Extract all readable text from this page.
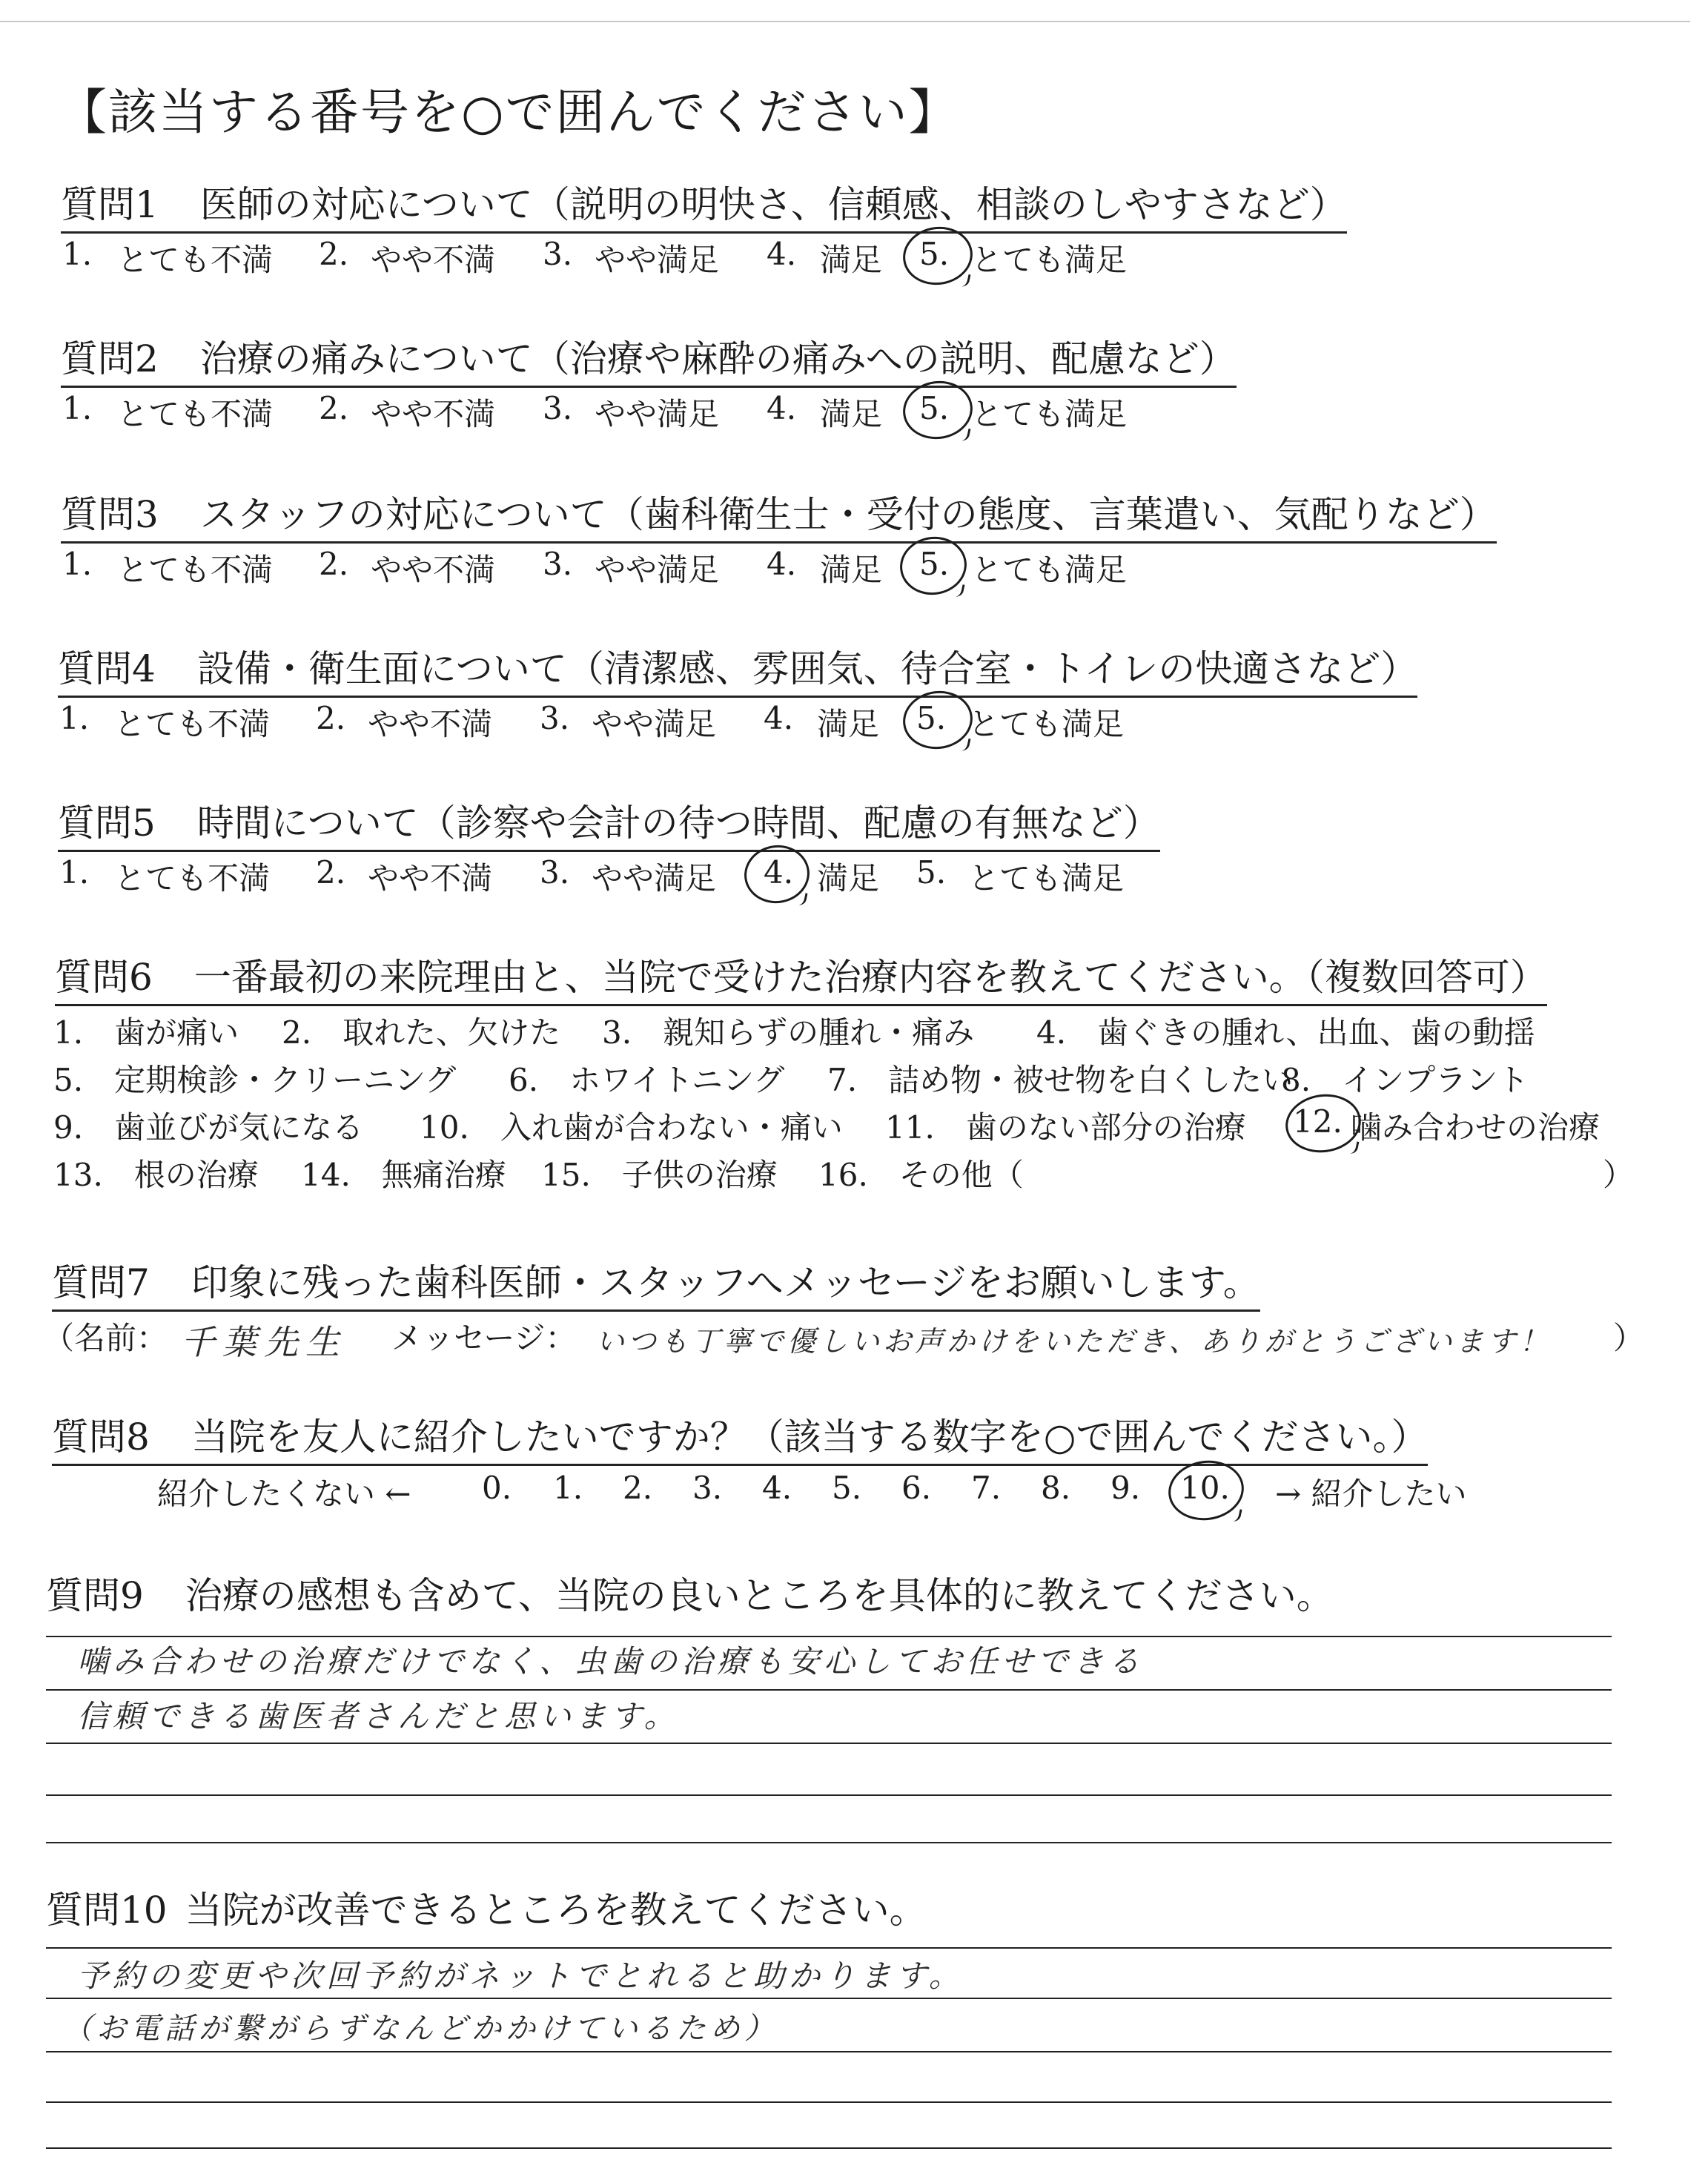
【該当する番号を○で囲んでください】
質問1 医師の対応について（説明の明快さ、信頼感、相談のしやすさなど）
1. とても不満 2. やや不満 3. やや満足 4. 満足 5. とても満足
質問2 治療の痛みについて（治療や麻酔の痛みへの説明、配慮など）
1. とても不満 2. やや不満 3. やや満足 4. 満足 5. とても満足
質問3 スタッフの対応について（歯科衛生士・受付の態度、言葉遣い、気配りなど）
1. とても不満 2. やや不満 3. やや満足 4. 満足 5. とても満足
質問4 設備・衛生面について（清潔感、雰囲気、待合室・トイレの快適さなど）
1. とても不満 2. やや不満 3. やや満足 4. 満足 5. とても満足
質問5 時間について（診察や会計の待つ時間、配慮の有無など）
1. とても不満 2. やや不満 3. やや満足 4. 満足 5. とても満足
質問6 一番最初の来院理由と、当院で受けた治療内容を教えてください。（複数回答可）
1.　歯が痛い 2.　取れた、欠けた 3.　親知らずの腫れ・痛み 4.　歯ぐきの腫れ、出血、歯の動揺
5.　定期検診・クリーニング 6.　ホワイトニング 7.　詰め物・被せ物を白くしたい
8.　インプラント
9.　歯並びが気になる 10.　入れ歯が合わない・痛い 11.　歯のない部分の治療 12. 噛み合わせの治療
13.　根の治療 14.　無痛治療 15.　子供の治療 16.　その他（	）
質問7 印象に残った歯科医師・スタッフへメッセージをお願いします。
（名前： 千葉先生 メッセージ： いつも丁寧で優しいお声かけをいただき、ありがとうございます！ ）
質問8 当院を友人に紹介したいですか？（該当する数字を○で囲んでください。）
紹介したくない ← 0. 1. 2. 3. 4. 5. 6. 7. 8. 9. 10. → 紹介したい
質問9 治療の感想も含めて、当院の良いところを具体的に教えてください。
噛み合わせの治療だけでなく、虫歯の治療も安心してお任せできる
信頼できる歯医者さんだと思います。
質問10 当院が改善できるところを教えてください。
予約の変更や次回予約がネットでとれると助かります。
（お電話が繋がらずなんどかかけているため）
